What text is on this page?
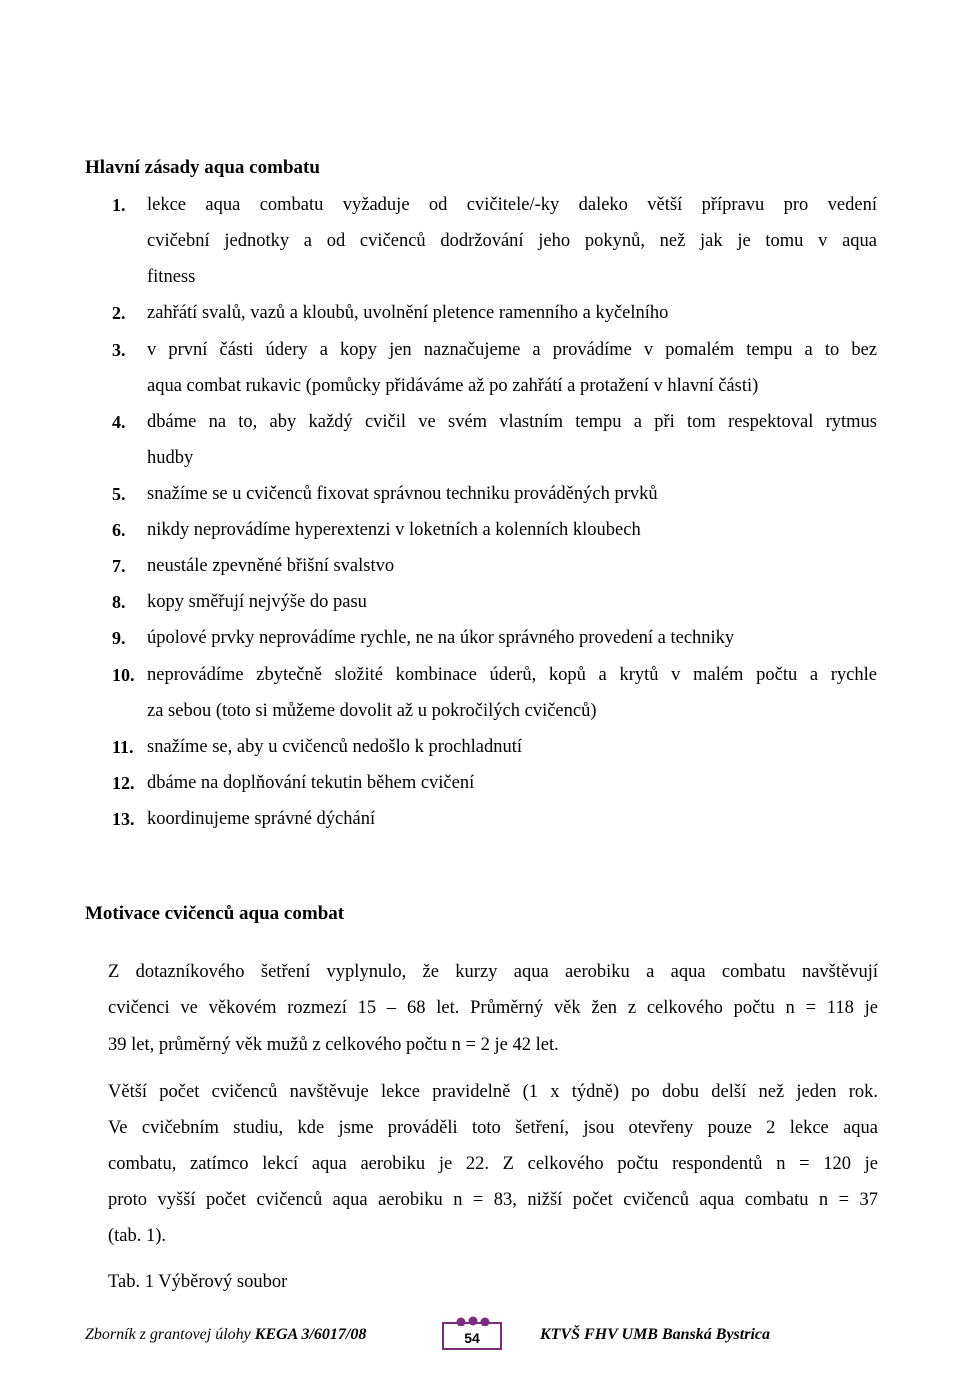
Hlavní zásady aqua combatu
1. lekce aqua combatu vyžaduje od cvičitele/-ky daleko větší přípravu pro vedení
cvičební jednotky a od cvičenců dodržování jeho pokynů, než jak je tomu v aqua
fitness
2. zahřátí svalů, vazů a kloubů, uvolnění pletence ramenního a kyčelního
3. v první části údery a kopy jen naznačujeme a provádíme v pomalém tempu a to bez
aqua combat rukavic (pomůcky přidáváme až po zahřátí a protažení v hlavní části)
4. dbáme na to, aby každý cvičil ve svém vlastním tempu a při tom respektoval rytmus
hudby
5. snažíme se u cvičenců fixovat správnou techniku prováděných prvků
6. nikdy neprovádíme hyperextenzi v loketních a kolenních kloubech
7. neustále zpevněné břišní svalstvo
8. kopy směřují nejvýše do pasu
9. úpolové prvky neprovádíme rychle, ne na úkor správného provedení a techniky
10. neprovádíme zbytečně složité kombinace úderů, kopů a krytů v malém počtu a rychle
za sebou (toto si můžeme dovolit až u pokročilých cvičenců)
11. snažíme se, aby u cvičenců nedošlo k prochladnutí
12. dbáme na doplňování tekutin během cvičení
13. koordinujeme správné dýchání
Motivace cvičenců aqua combat
Z dotazníkového šetření vyplynulo, že kurzy aqua aerobiku a aqua combatu navštěvují
cvičenci ve věkovém rozmezí 15 – 68 let. Průměrný věk žen z celkového počtu n = 118 je
39 let, průměrný věk mužů z celkového počtu n = 2 je 42 let.
Větší počet cvičenců navštěvuje lekce pravidelně (1 x týdně) po dobu delší než jeden rok.
Ve cvičebním studiu, kde jsme prováděli toto šetření, jsou otevřeny pouze 2 lekce aqua
combatu, zatímco lekcí aqua aerobiku je 22. Z celkového počtu respondentů n = 120 je
proto vyšší počet cvičenců aqua aerobiku n = 83, nižší počet cvičenců aqua combatu n = 37
(tab. 1).
Tab. 1 Výběrový soubor
Zborník z grantovej úlohy KEGA 3/6017/08	54	KTVŠ FHV UMB Banská Bystrica
